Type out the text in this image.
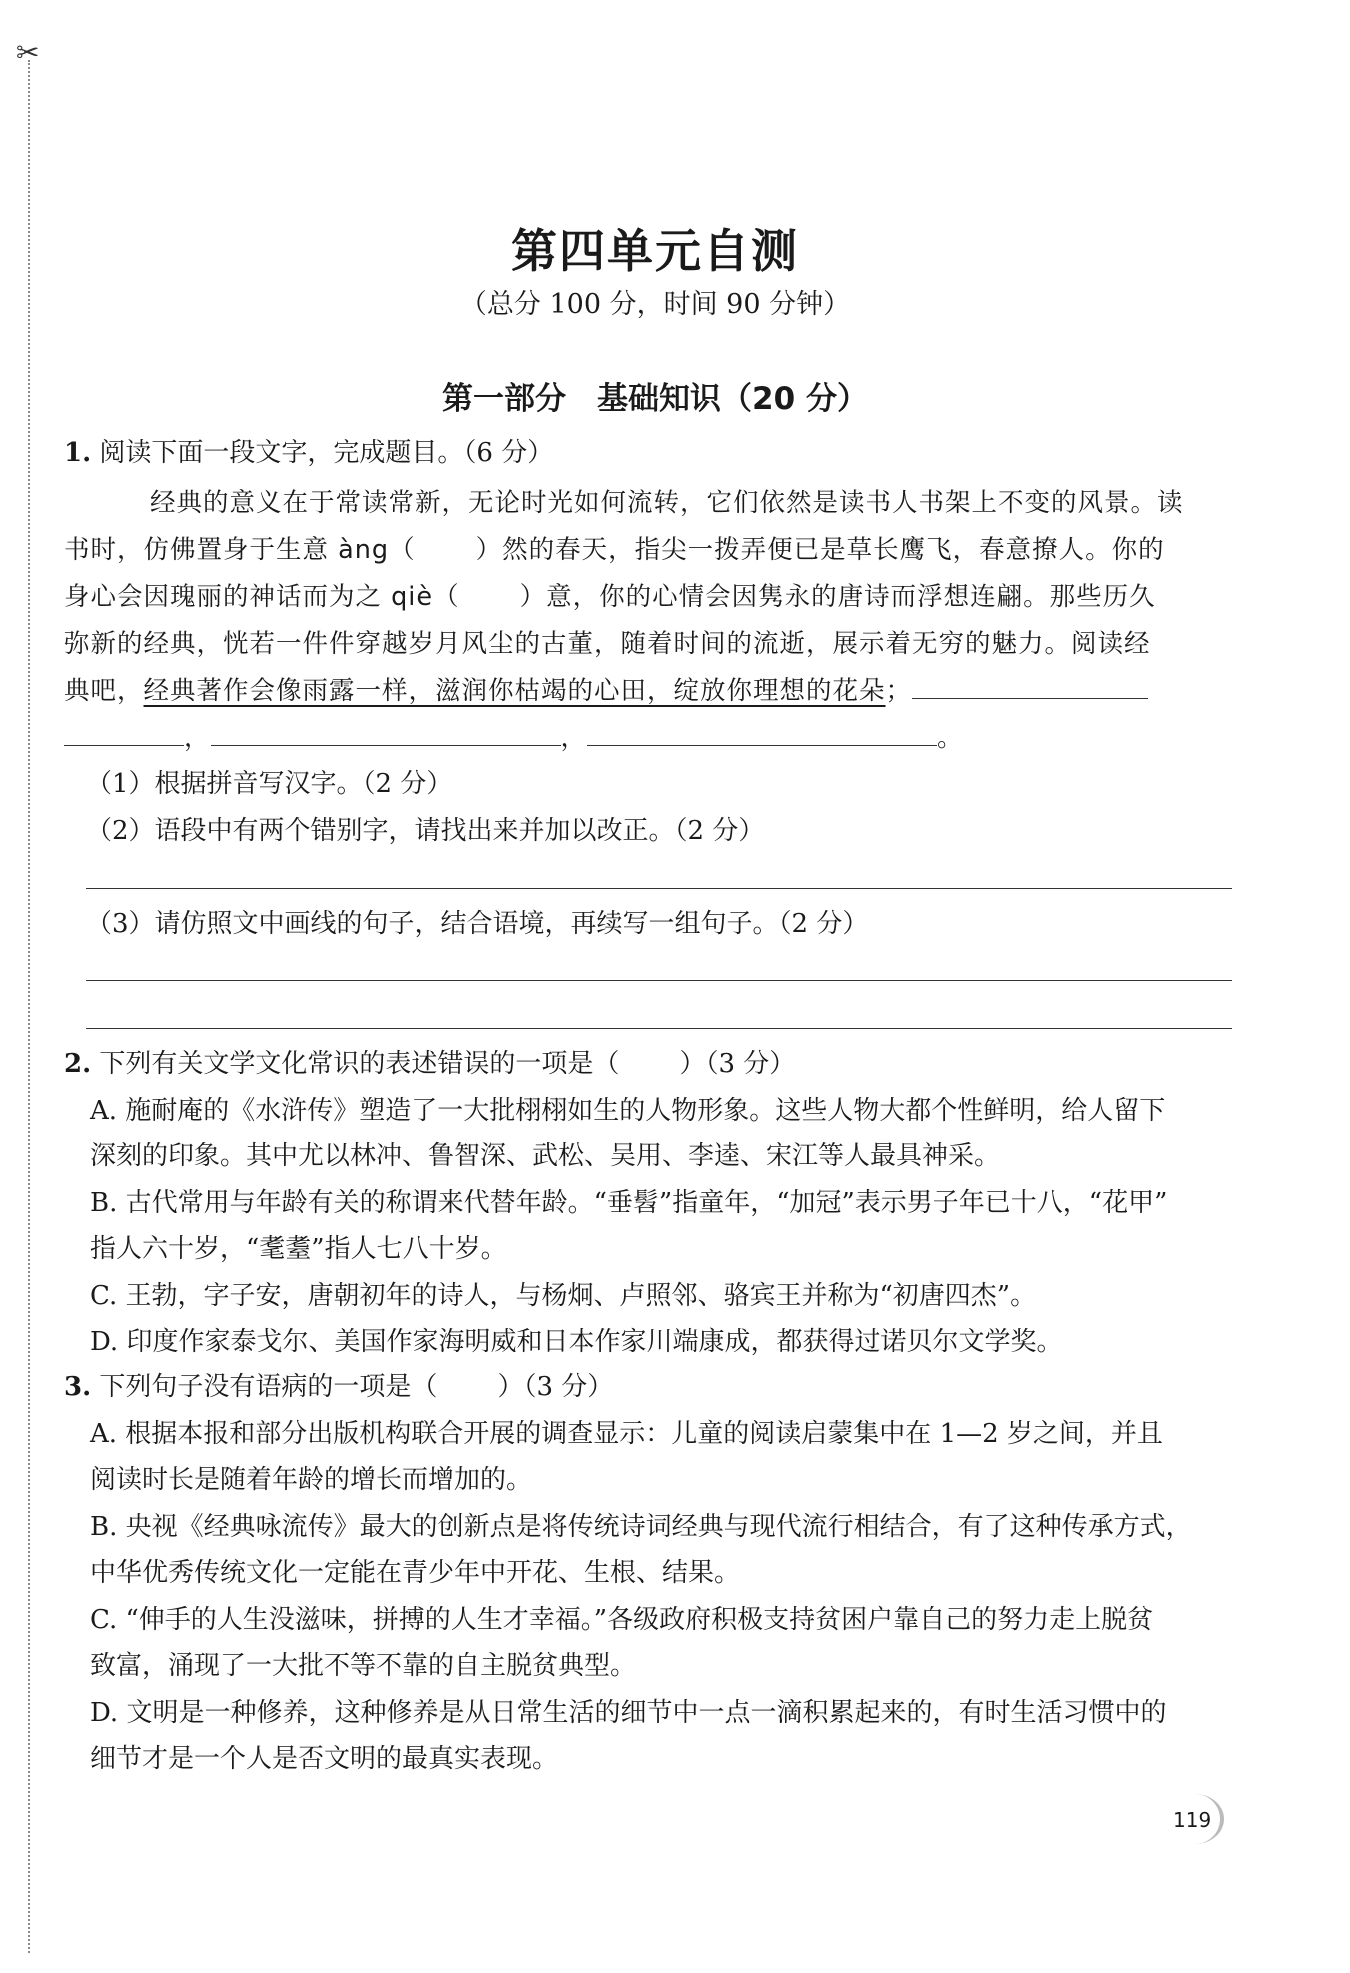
✂
第四单元自测
（总分 100 分，时间 90 分钟）
第一部分　基础知识（20 分）
1. 阅读下面一段文字，完成题目。（6 分）
经典的意义在于常读常新，无论时光如何流转，它们依然是读书人书架上不变的风景。读
书时，仿佛置身于生意 àng（ ）然的春天，指尖一拨弄便已是草长鹰飞，春意撩人。你的
身心会因瑰丽的神话而为之 qiè（ ）意，你的心情会因隽永的唐诗而浮想连翩。那些历久
弥新的经典，恍若一件件穿越岁月风尘的古董，随着时间的流逝，展示着无穷的魅力。阅读经
典吧，经典著作会像雨露一样，滋润你枯竭的心田，绽放你理想的花朵；
，	，	。
（1）根据拼音写汉字。（2 分）
（2）语段中有两个错别字，请找出来并加以改正。（2 分）
（3）请仿照文中画线的句子，结合语境，再续写一组句子。（2 分）
2. 下列有关文学文化常识的表述错误的一项是（ ）（3 分）
A. 施耐庵的《水浒传》塑造了一大批栩栩如生的人物形象。这些人物大都个性鲜明，给人留下
深刻的印象。其中尤以林冲、鲁智深、武松、吴用、李逵、宋江等人最具神采。
B. 古代常用与年龄有关的称谓来代替年龄。“垂髫”指童年，“加冠”表示男子年已十八，“花甲”
指人六十岁，“耄耋”指人七八十岁。
C. 王勃，字子安，唐朝初年的诗人，与杨炯、卢照邻、骆宾王并称为“初唐四杰”。
D. 印度作家泰戈尔、美国作家海明威和日本作家川端康成，都获得过诺贝尔文学奖。
3. 下列句子没有语病的一项是（ ）（3 分）
A. 根据本报和部分出版机构联合开展的调查显示：儿童的阅读启蒙集中在 1—2 岁之间，并且
阅读时长是随着年龄的增长而增加的。
B. 央视《经典咏流传》最大的创新点是将传统诗词经典与现代流行相结合，有了这种传承方式，
中华优秀传统文化一定能在青少年中开花、生根、结果。
C. “伸手的人生没滋味，拼搏的人生才幸福。”各级政府积极支持贫困户靠自己的努力走上脱贫
致富，涌现了一大批不等不靠的自主脱贫典型。
D. 文明是一种修养，这种修养是从日常生活的细节中一点一滴积累起来的，有时生活习惯中的
细节才是一个人是否文明的最真实表现。
119
